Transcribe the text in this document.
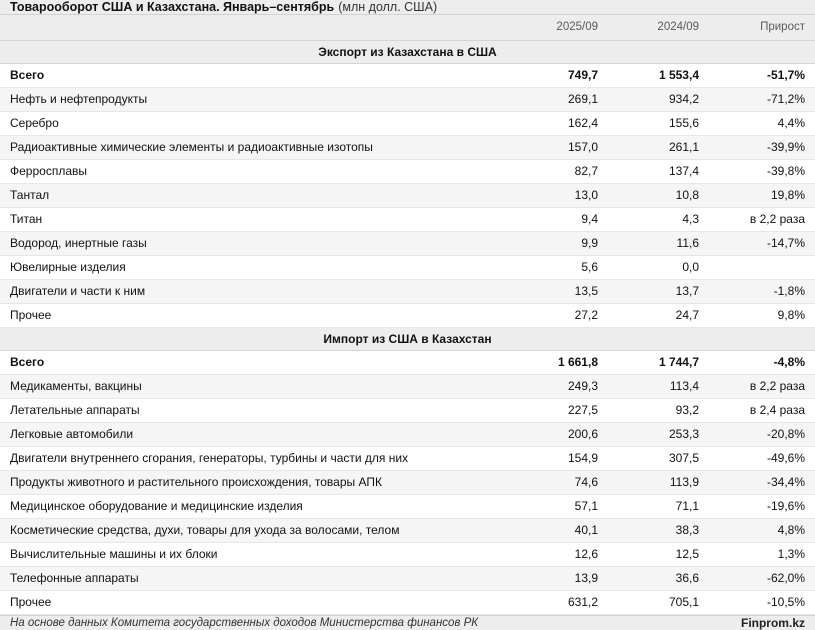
Товарооборот США и Казахстана. Январь–сентябрь (млн долл. США)
	2025/09	2024/09	Прирост
Экспорт из Казахстана в США			
Всего	749,7	1 553,4	-51,7%
Нефть и нефтепродукты	269,1	934,2	-71,2%
Серебро	162,4	155,6	4,4%
Радиоактивные химические элементы и радиоактивные изотопы	157,0	261,1	-39,9%
Ферросплавы	82,7	137,4	-39,8%
Тантал	13,0	10,8	19,8%
Титан	9,4	4,3	в 2,2 раза
Водород, инертные газы	9,9	11,6	-14,7%
Ювелирные изделия	5,6	0,0	
Двигатели и части к ним	13,5	13,7	-1,8%
Прочее	27,2	24,7	9,8%
Импорт из США в Казахстан			
Всего	1 661,8	1 744,7	-4,8%
Медикаменты, вакцины	249,3	113,4	в 2,2 раза
Летательные аппараты	227,5	93,2	в 2,4 раза
Легковые автомобили	200,6	253,3	-20,8%
Двигатели внутреннего сгорания, генераторы, турбины и части для них	154,9	307,5	-49,6%
Продукты животного и растительного происхождения, товары АПК	74,6	113,9	-34,4%
Медицинское оборудование и медицинские изделия	57,1	71,1	-19,6%
Косметические средства, духи, товары для ухода за волосами, телом	40,1	38,3	4,8%
Вычислительные машины и их блоки	12,6	12,5	1,3%
Телефонные аппараты	13,9	36,6	-62,0%
Прочее	631,2	705,1	-10,5%
На основе данных Комитета государственных доходов Министерства финансов РК	Finprom.kz
